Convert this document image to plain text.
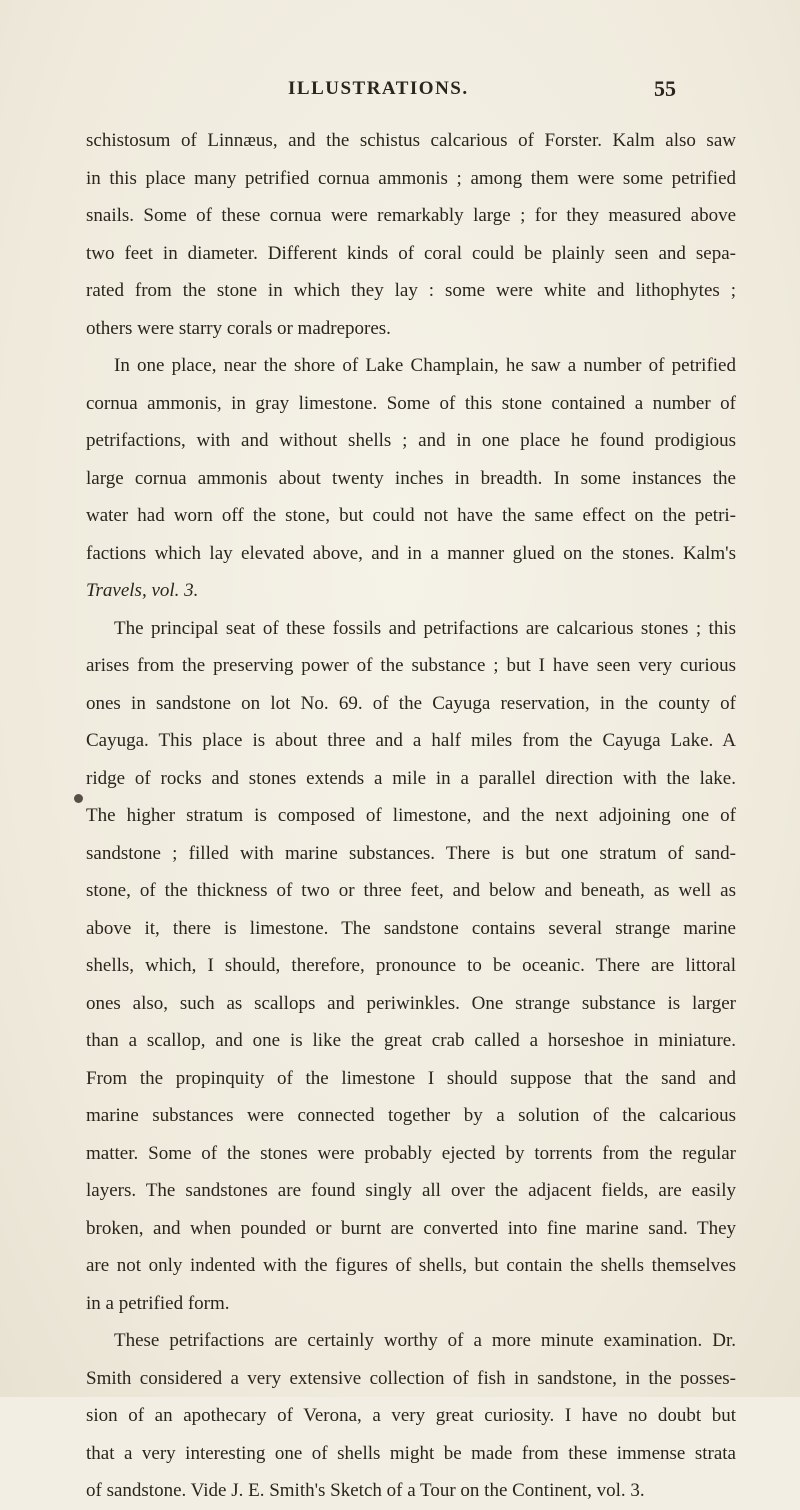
ILLUSTRATIONS.	55
schistosum of Linnæus, and the schistus calcarious of Forster. Kalm also saw
in this place many petrified cornua ammonis ; among them were some petrified
snails. Some of these cornua were remarkably large ; for they measured above
two feet in diameter. Different kinds of coral could be plainly seen and sepa-
rated from the stone in which they lay : some were white and lithophytes ;
others were starry corals or madrepores.
In one place, near the shore of Lake Champlain, he saw a number of petrified
cornua ammonis, in gray limestone. Some of this stone contained a number of
petrifactions, with and without shells ; and in one place he found prodigious
large cornua ammonis about twenty inches in breadth. In some instances the
water had worn off the stone, but could not have the same effect on the petri-
factions which lay elevated above, and in a manner glued on the stones. Kalm's
Travels, vol. 3.
The principal seat of these fossils and petrifactions are calcarious stones ; this
arises from the preserving power of the substance ; but I have seen very curious
ones in sandstone on lot No. 69. of the Cayuga reservation, in the county of
Cayuga. This place is about three and a half miles from the Cayuga Lake. A
ridge of rocks and stones extends a mile in a parallel direction with the lake.
The higher stratum is composed of limestone, and the next adjoining one of
sandstone ; filled with marine substances. There is but one stratum of sand-
stone, of the thickness of two or three feet, and below and beneath, as well as
above it, there is limestone. The sandstone contains several strange marine
shells, which, I should, therefore, pronounce to be oceanic. There are littoral
ones also, such as scallops and periwinkles. One strange substance is larger
than a scallop, and one is like the great crab called a horseshoe in miniature.
From the propinquity of the limestone I should suppose that the sand and
marine substances were connected together by a solution of the calcarious
matter. Some of the stones were probably ejected by torrents from the regular
layers. The sandstones are found singly all over the adjacent fields, are easily
broken, and when pounded or burnt are converted into fine marine sand. They
are not only indented with the figures of shells, but contain the shells themselves
in a petrified form.
These petrifactions are certainly worthy of a more minute examination. Dr.
Smith considered a very extensive collection of fish in sandstone, in the posses-
sion of an apothecary of Verona, a very great curiosity. I have no doubt but
that a very interesting one of shells might be made from these immense strata
of sandstone. Vide J. E. Smith's Sketch of a Tour on the Continent, vol. 3.
